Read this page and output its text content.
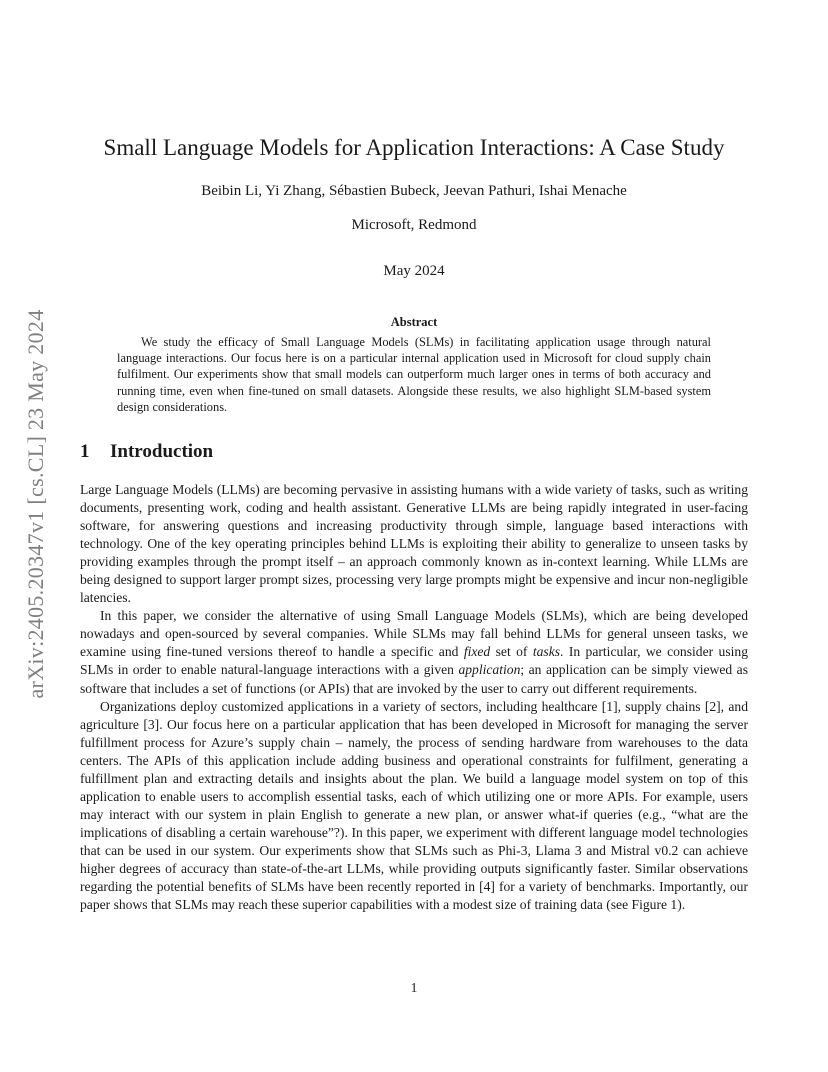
arXiv:2405.20347v1 [cs.CL] 23 May 2024
Small Language Models for Application Interactions: A Case Study
Beibin Li, Yi Zhang, Sébastien Bubeck, Jeevan Pathuri, Ishai Menache
Microsoft, Redmond
May 2024
Abstract

We study the efficacy of Small Language Models (SLMs) in facilitating application usage through natural language interactions. Our focus here is on a particular internal application used in Microsoft for cloud supply chain fulfilment. Our experiments show that small models can outperform much larger ones in terms of both accuracy and running time, even when fine-tuned on small datasets. Alongside these results, we also highlight SLM-based system design considerations.

1 Introduction

Large Language Models (LLMs) are becoming pervasive in assisting humans with a wide variety of tasks, such as writing documents, presenting work, coding and health assistant. Generative LLMs are being rapidly integrated in user-facing software, for answering questions and increasing productivity through simple, language based interactions with technology. One of the key operating principles behind LLMs is exploiting their ability to generalize to unseen tasks by providing examples through the prompt itself – an approach commonly known as in-context learning. While LLMs are being designed to support larger prompt sizes, processing very large prompts might be expensive and incur non-negligible latencies.

In this paper, we consider the alternative of using Small Language Models (SLMs), which are being developed nowadays and open-sourced by several companies. While SLMs may fall behind LLMs for general unseen tasks, we examine using fine-tuned versions thereof to handle a specific and fixed set of tasks. In particular, we consider using SLMs in order to enable natural-language interactions with a given application; an application can be simply viewed as software that includes a set of functions (or APIs) that are invoked by the user to carry out different requirements.

Organizations deploy customized applications in a variety of sectors, including healthcare [1], supply chains [2], and agriculture [3]. Our focus here on a particular application that has been developed in Microsoft for managing the server fulfillment process for Azure’s supply chain – namely, the process of sending hardware from warehouses to the data centers. The APIs of this application include adding business and operational constraints for fulfilment, generating a fulfillment plan and extracting details and insights about the plan. We build a language model system on top of this application to enable users to accomplish essential tasks, each of which utilizing one or more APIs. For example, users may interact with our system in plain English to generate a new plan, or answer what-if queries (e.g., “what are the implications of disabling a certain warehouse”?). In this paper, we experiment with different language model technologies that can be used in our system. Our experiments show that SLMs such as Phi-3, Llama 3 and Mistral v0.2 can achieve higher degrees of accuracy than state-of-the-art LLMs, while providing outputs significantly faster. Similar observations regarding the potential benefits of SLMs have been recently reported in [4] for a variety of benchmarks. Importantly, our paper shows that SLMs may reach these superior capabilities with a modest size of training data (see Figure 1).

1
